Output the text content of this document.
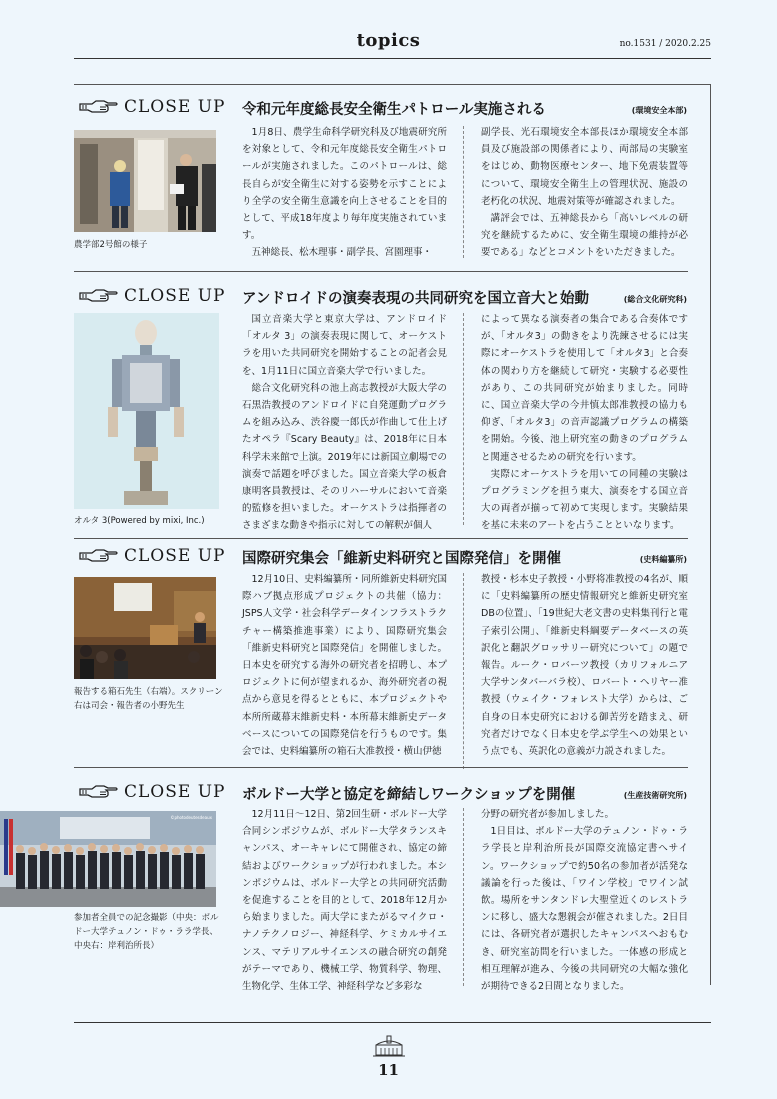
topics	no.1531 / 2020.2.25
CLOSE UP 令和元年度総長安全衛生パトロール実施される	(環境安全本部)
農学部2号館の様子

1月8日、農学生命科学研究科及び地震研究所を対象として、令和元年度総長安全衛生パトロールが実施されました。このパトロールは、総長自らが安全衛生に対する姿勢を示すことにより全学の安全衛生意識を向上させることを目的として、平成18年度より毎年度実施されています。

五神総長、松木理事・副学長、宮園理事・

副学長、光石環境安全本部長ほか環境安全本部員及び施設部の関係者により、両部局の実験室をはじめ、動物医療センター、地下免震装置等について、環境安全衛生上の管理状況、施設の老朽化の状況、地震対策等が確認されました。

講評会では、五神総長から「高いレベルの研究を継続するために、安全衛生環境の維持が必要である」などとコメントをいただきました。

CLOSE UP アンドロイドの演奏表現の共同研究を国立音大と始動	(総合文化研究科)
オルタ 3(Powered by mixi, Inc.)

国立音楽大学と東京大学は、アンドロイド「オルタ 3」の演奏表現に関して、オーケストラを用いた共同研究を開始することの記者会見を、1月11日に国立音楽大学で行いました。

総合文化研究科の池上高志教授が大阪大学の石黒浩教授のアンドロイドに自発運動プログラムを組み込み、渋谷慶一郎氏が作曲して仕上げたオペラ『Scary Beauty』は、2018年に日本科学未来館で上演。2019年には新国立劇場での演奏で話題を呼びました。国立音楽大学の板倉康明客員教授は、そのリハーサルにおいて音楽的監修を担いました。オーケストラは指揮者のさまざまな動きや指示に対しての解釈が個人

によって異なる演奏者の集合である合奏体ですが、「オルタ3」の動きをより洗練させるには実際にオーケストラを使用して「オルタ3」と合奏体の関わり方を継続して研究・実験する必要性があり、この共同研究が始まりました。同時に、国立音楽大学の今井慎太郎准教授の協力も仰ぎ、「オルタ3」の音声認識プログラムの構築を開始。今後、池上研究室の動きのプログラムと関連させるための研究を行います。

実際にオーケストラを用いての同種の実験はプログラミングを担う東大、演奏をする国立音大の両者が揃って初めて実現します。実験結果を基に未来のアートを占うことといなります。

CLOSE UP 国際研究集会「維新史料研究と国際発信」を開催	(史料編纂所)
報告する箱石先生（右端）。スクリーン右は司会・報告者の小野先生

12月10日、史料編纂所・同所維新史料研究国際ハブ拠点形成プロジェクトの共催（協力：JSPS人文学・社会科学データインフラストラクチャー構築推進事業）により、国際研究集会「維新史料研究と国際発信」を開催しました。日本史を研究する海外の研究者を招聘し、本プロジェクトに何が望まれるか、海外研究者の視点から意見を得るとともに、本プロジェクトや本所所蔵幕末維新史料・本所幕末維新史データベースについての国際発信を行うものです。集会では、史料編纂所の箱石大准教授・横山伊徳

教授・杉本史子教授・小野将准教授の4名が、順に「史料編纂所の歴史情報研究と維新史研究室DBの位置」、「19世紀大老文書の史料集刊行と電子索引公開」、「維新史料綱要データベースの英訳化と翻訳グロッサリー研究について」の題で報告。ルーク・ロバーツ教授（カリフォルニア大学サンタバーバラ校）、ロバート・ヘリヤー准教授（ウェイク・フォレスト大学）からは、ご自身の日本史研究における御苦労を踏まえ、研究者だけでなく日本史を学ぶ学生への効果という点でも、英訳化の意義が力説されました。

CLOSE UP ボルドー大学と協定を締結しワークショップを開催	(生産技術研究所)
©photodeutesdeaux
参加者全員での記念撮影（中央：ボルドー大学テュノン・ドゥ・ララ学長、中央右：岸利治所長）

12月11日～12日、第2回生研・ボルドー大学合同シンポジウムが、ボルドー大学タランスキャンパス、オーキャレにて開催され、協定の締結およびワークショップが行われました。本シンポジウムは、ボルドー大学との共同研究活動を促進することを目的として、2018年12月から始まりました。両大学にまたがるマイクロ・ナノテクノロジー、神経科学、ケミカルサイエンス、マテリアルサイエンスの融合研究の創発がテーマであり、機械工学、物質科学、物理、生物化学、生体工学、神経科学など多彩な

分野の研究者が参加しました。

1日目は、ボルドー大学のテュノン・ドゥ・ララ学長と岸利治所長が国際交流協定書へサイン。ワークショップで約50名の参加者が活発な議論を行った後は、「ワイン学校」でワイン試飲。場所をサンタンドレ大聖堂近くのレストランに移し、盛大な懇親会が催されました。2日目には、各研究者が選択したキャンパスへおもむき、研究室訪問を行いました。一体感の形成と相互理解が進み、今後の共同研究の大幅な強化が期待できる2日間となりました。

11
